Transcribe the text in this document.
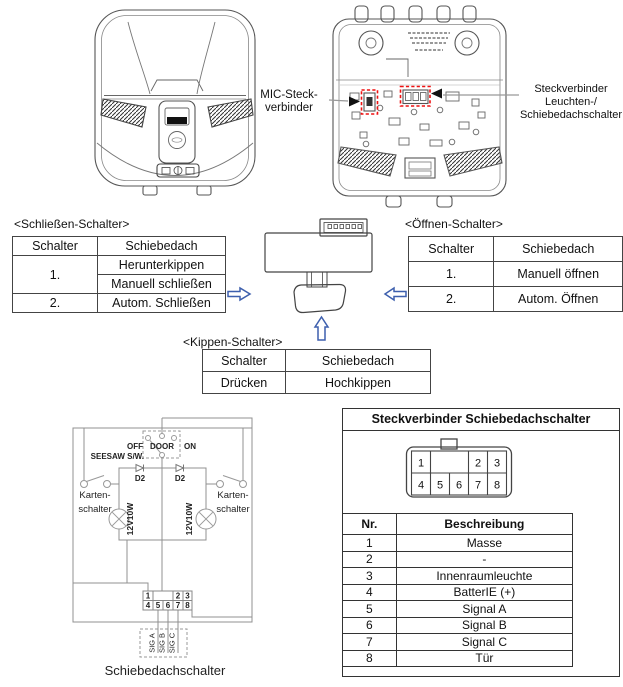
MIC-Steck-
verbinder
Steckverbinder
Leuchten-/
Schiebedachschalter
<Schließen-Schalter>
Schalter	Schiebedach
1.	Herunterkippen
	Manuell schließen
2.	Autom. Schließen
<Öffnen-Schalter>
Schalter	Schiebedach
1.	Manuell öffnen
2.	Autom. Öffnen
<Kippen-Schalter>
Schalter	Schiebedach
Drücken	Hochkippen
OFF DOOR ON
SEESAW S/W.
D2	D2
Karten-
schalter
Karten-
schalter
12V10W	12V10W
1	2 3
4 5 6 7 8
SIG A SIG B SIG C
Schiebedachschalter
Steckverbinder Schiebedachschalter
1	2 3
4 5 6 7 8
Nr.	Beschreibung
1	Masse
2	-
3	Innenraumleuchte
4	BatterIE (+)
5	Signal A
6	Signal B
7	Signal C
8	Tür
